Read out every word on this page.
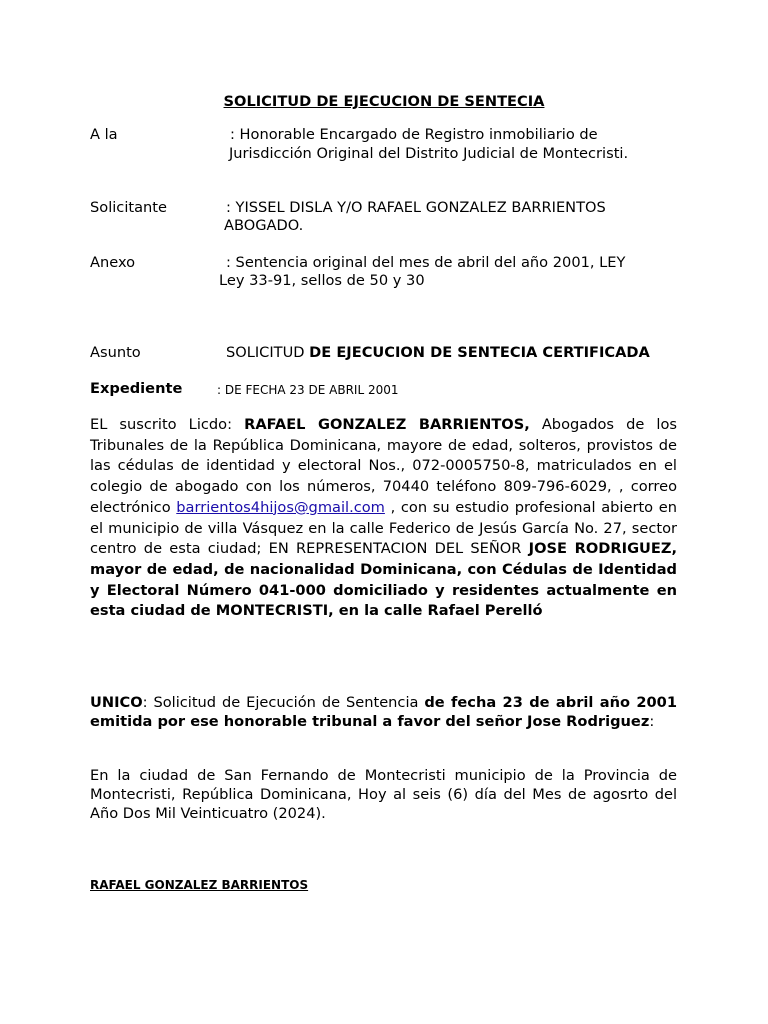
SOLICITUD DE EJECUCION DE SENTECIA
A la	: Honorable Encargado de Registro inmobiliario de
Jurisdicción Original del Distrito Judicial de Montecristi.
Solicitante	: YISSEL DISLA Y/O RAFAEL GONZALEZ BARRIENTOS
ABOGADO.
Anexo	: Sentencia original del mes de abril del año 2001, LEY
Ley 33-91, sellos de 50 y 30
Asunto	SOLICITUD DE EJECUCION DE SENTECIA CERTIFICADA
Expediente	: DE FECHA 23 DE ABRIL 2001
EL suscrito Licdo: RAFAEL GONZALEZ BARRIENTOS, Abogados de los Tribunales de la República Dominicana, mayore de edad, solteros, provistos de las cédulas de identidad y electoral Nos., 072-0005750-8, matriculados en el colegio de abogado con los números, 70440 teléfono 809-796-6029, , correo electrónico barrientos4hijos@gmail.com , con su estudio profesional abierto en el municipio de villa Vásquez en la calle Federico de Jesús García No. 27, sector centro de esta ciudad; EN REPRESENTACION DEL SEÑOR JOSE RODRIGUEZ, mayor de edad, de nacionalidad Dominicana, con Cédulas de Identidad y Electoral Número 041-000 domiciliado y residentes actualmente en esta ciudad de MONTECRISTI, en la calle Rafael Perelló
UNICO: Solicitud de Ejecución de Sentencia de fecha 23 de abril año 2001 emitida por ese honorable tribunal a favor del señor Jose Rodriguez:
En la ciudad de San Fernando de Montecristi municipio de la Provincia de Montecristi, República Dominicana, Hoy al seis (6) día del Mes de agosrto del Año Dos Mil Veinticuatro (2024).
RAFAEL GONZALEZ BARRIENTOS
